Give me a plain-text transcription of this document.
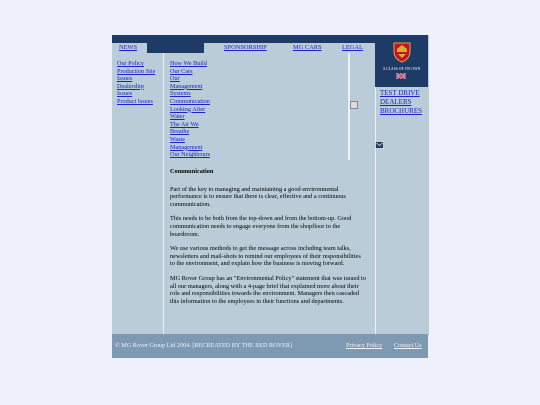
NEWS	SPONSORSHIP	MG CARS	LEGAL
A CLASS OF ITS OWN
TEST DRIVE
DEALERS
BROCHURES
Our Policy
Production Site
Issues
Dealership
Issues
Product Issues
How We Build
Our Cars
Our
Management
Systems
Communication
Looking After
Water
The Air We
Breathe
Waste
Management
Our Neighbours
Communication

Part of the key to managing and maintaining a good environmental performance is to ensure that there is clear, effective and a continuous communication.

This needs to be both from the top-down and from the bottom-up. Good communication needs to engage everyone from the shopfloor to the boardroom.

We use various methods to get the message across including team talks, newsletters and mail-shots to remind our employees of their responsibilities to the environment, and explain how the business is moving forward.

MG Rover Group has an "Environmental Policy" statement that was issued to all our managers, along with a 4-page brief that explained more about their role and responsibilities towards the environment. Managers then cascaded this information to the employees in their functions and departments.

© MG Rover Group Ltd 2004. [RECREATED BY THE RED ROVER]	Privacy Policy Contact Us
